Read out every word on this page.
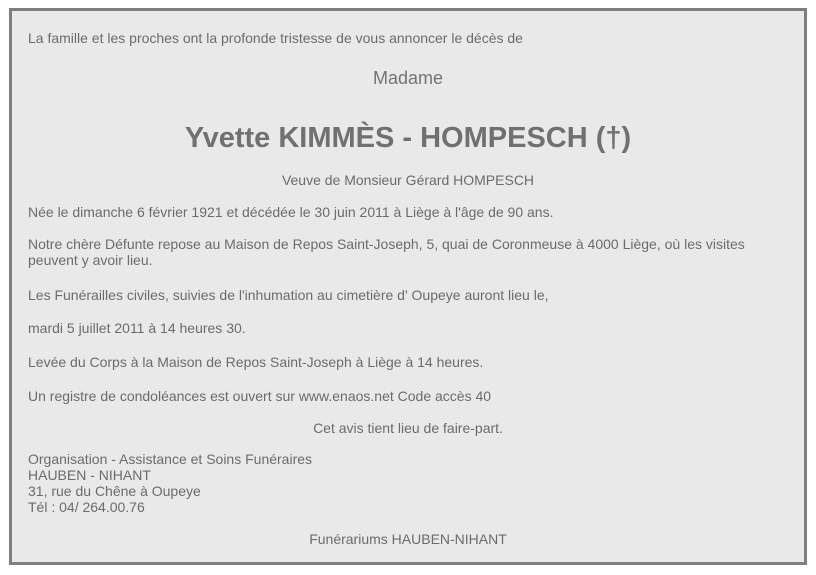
La famille et les proches ont la profonde tristesse de vous annoncer le décès de
Madame
Yvette KIMMÈS - HOMPESCH (†)
Veuve de Monsieur Gérard HOMPESCH
Née le dimanche 6 février 1921 et décédée le 30 juin 2011 à Liège à l'âge de 90 ans.
Notre chère Défunte repose au Maison de Repos Saint-Joseph, 5, quai de Coronmeuse à 4000 Liège, où les visites peuvent y avoir lieu.
Les Funérailles civiles, suivies de l'inhumation au cimetière d' Oupeye auront lieu le,
mardi 5 juillet 2011 à 14 heures 30.
Levée du Corps à la Maison de Repos Saint-Joseph à Liège à 14 heures.
Un registre de condoléances est ouvert sur www.enaos.net Code accès 40
Cet avis tient lieu de faire-part.
Organisation - Assistance et Soins Funéraires
HAUBEN - NIHANT
31, rue du Chêne à Oupeye
Tél : 04/ 264.00.76
Funérariums HAUBEN-NIHANT
